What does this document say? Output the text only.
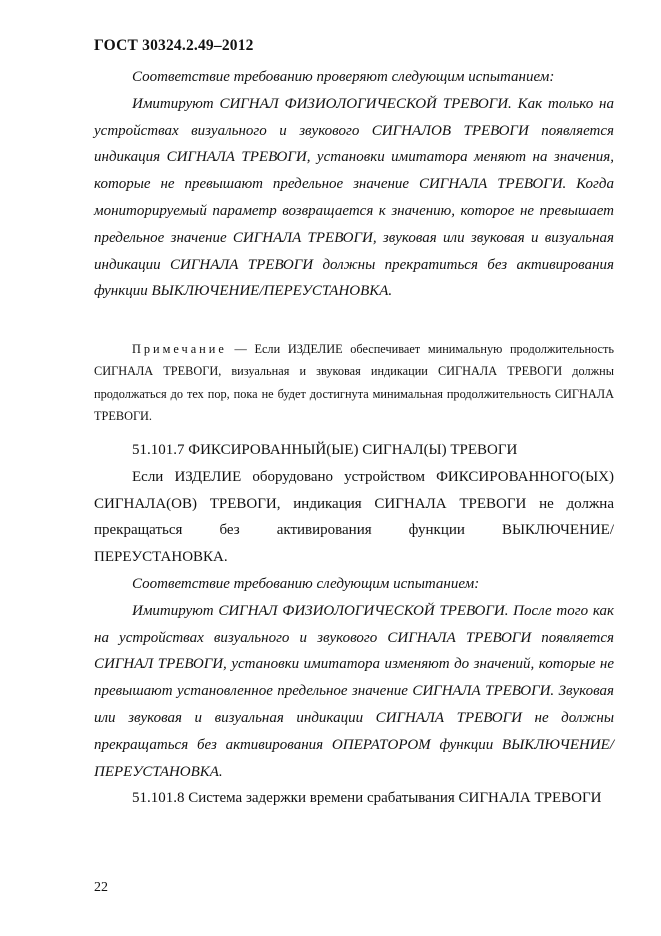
ГОСТ 30324.2.49–2012

Соответствие требованию проверяют следующим испытанием:

Имитируют СИГНАЛ ФИЗИОЛОГИЧЕСКОЙ ТРЕВОГИ. Как только на устройствах визуального и звукового СИГНАЛОВ ТРЕВОГИ появляется индикация СИГНАЛА ТРЕВОГИ, установки имитатора меняют на значения, которые не превышают предельное значение СИГНАЛА ТРЕВОГИ. Когда мониторируемый параметр возвращается к значению, которое не превышает предельное значение СИГНАЛА ТРЕВОГИ, звуковая или звуковая и визуальная индикации СИГНАЛА ТРЕВОГИ должны прекратиться без активирования функции ВЫКЛЮЧЕНИЕ/ПЕРЕУСТАНОВКА.

Примечание — Если ИЗДЕЛИЕ обеспечивает минимальную продолжительность СИГНАЛА ТРЕВОГИ, визуальная и звуковая индикации СИГНАЛА ТРЕВОГИ должны продолжаться до тех пор, пока не будет достигнута минимальная продолжительность СИГНАЛА ТРЕВОГИ.

51.101.7 ФИКСИРОВАННЫЙ(ЫЕ) СИГНАЛ(Ы) ТРЕВОГИ

Если ИЗДЕЛИЕ оборудовано устройством ФИКСИРОВАННОГО(ЫХ) СИГНАЛА(ОВ) ТРЕВОГИ, индикация СИГНАЛА ТРЕВОГИ не должна прекращаться без активирования функции ВЫКЛЮЧЕНИЕ/ПЕРЕУСТАНОВКА.

Соответствие требованию следующим испытанием:

Имитируют СИГНАЛ ФИЗИОЛОГИЧЕСКОЙ ТРЕВОГИ. После того как на устройствах визуального и звукового СИГНАЛА ТРЕВОГИ появляется СИГНАЛ ТРЕВОГИ, установки имитатора изменяют до значений, которые не превышают установленное предельное значение СИГНАЛА ТРЕВОГИ. Звуковая или звуковая и визуальная индикации СИГНАЛА ТРЕВОГИ не должны прекращаться без активирования ОПЕРАТОРОМ функции ВЫКЛЮЧЕНИЕ/ПЕРЕУСТАНОВКА.

51.101.8 Система задержки времени срабатывания СИГНАЛА ТРЕВОГИ

22
